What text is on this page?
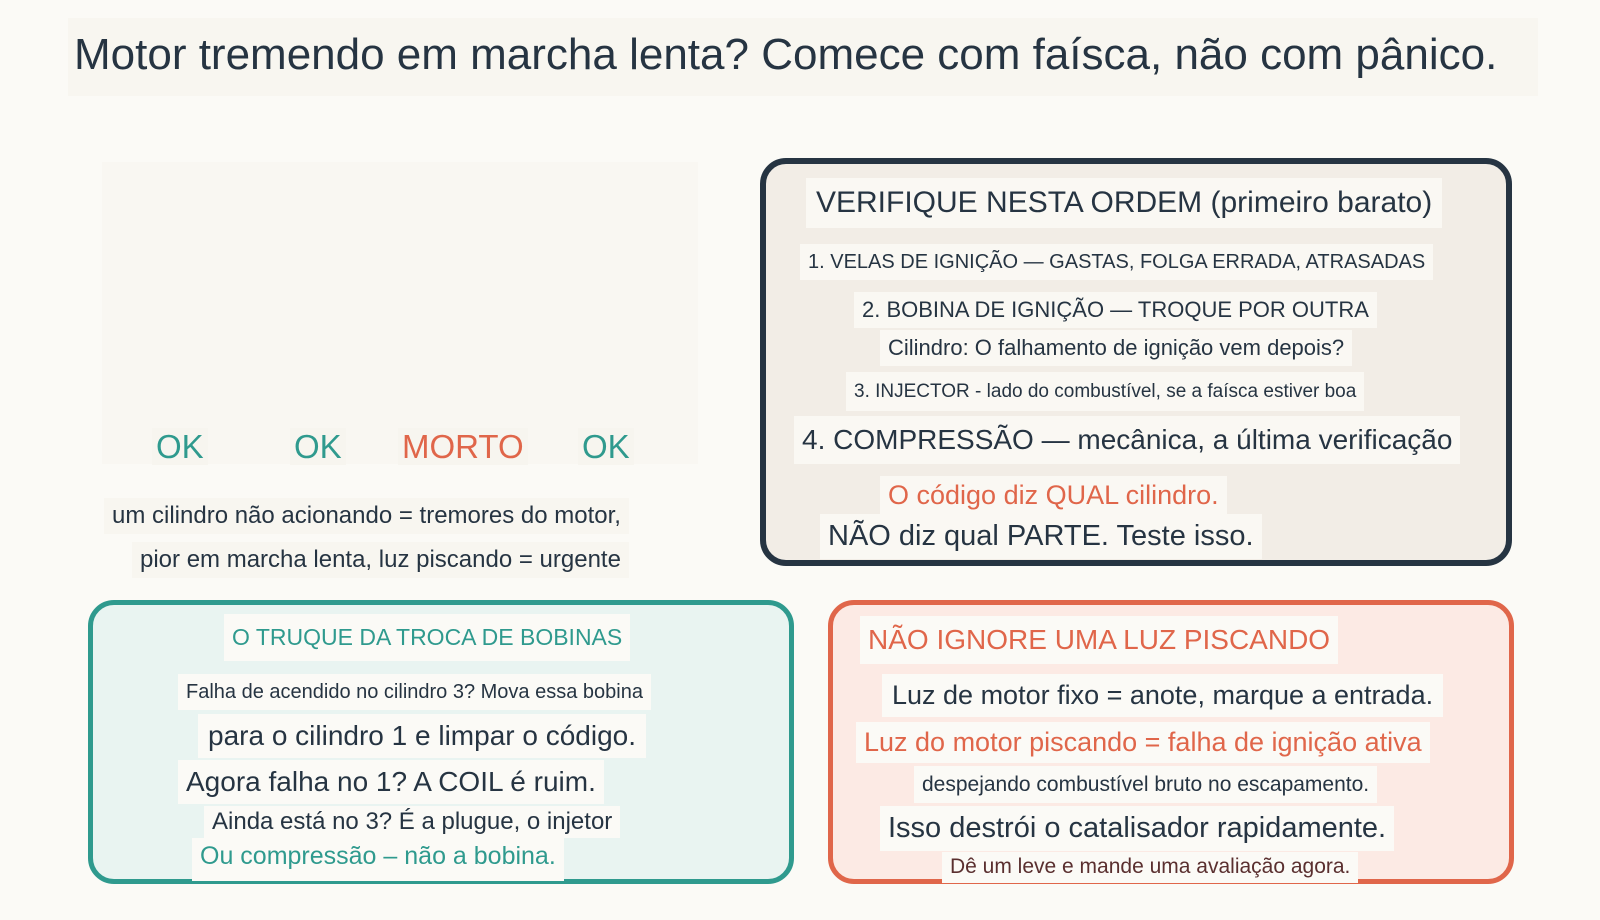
Motor tremendo em marcha lenta? Comece com faísca, não com pânico.
OK	OK MORTO OK
um cilindro não acionando = tremores do motor,
pior em marcha lenta, luz piscando = urgente
VERIFIQUE NESTA ORDEM (primeiro barato)
1. VELAS DE IGNIÇÃO — GASTAS, FOLGA ERRADA, ATRASADAS
2. BOBINA DE IGNIÇÃO — TROQUE POR OUTRA
Cilindro: O falhamento de ignição vem depois?
3. INJECTOR - lado do combustível, se a faísca estiver boa
4. COMPRESSÃO — mecânica, a última verificação
O código diz QUAL cilindro.
NÃO diz qual PARTE. Teste isso.
O TRUQUE DA TROCA DE BOBINAS
Falha de acendido no cilindro 3? Mova essa bobina
para o cilindro 1 e limpar o código.
Agora falha no 1? A COIL é ruim.
Ainda está no 3? É a plugue, o injetor
Ou compressão – não a bobina.
NÃO IGNORE UMA LUZ PISCANDO
Luz de motor fixo = anote, marque a entrada.
Luz do motor piscando = falha de ignição ativa
despejando combustível bruto no escapamento.
Isso destrói o catalisador rapidamente.
Dê um leve e mande uma avaliação agora.
